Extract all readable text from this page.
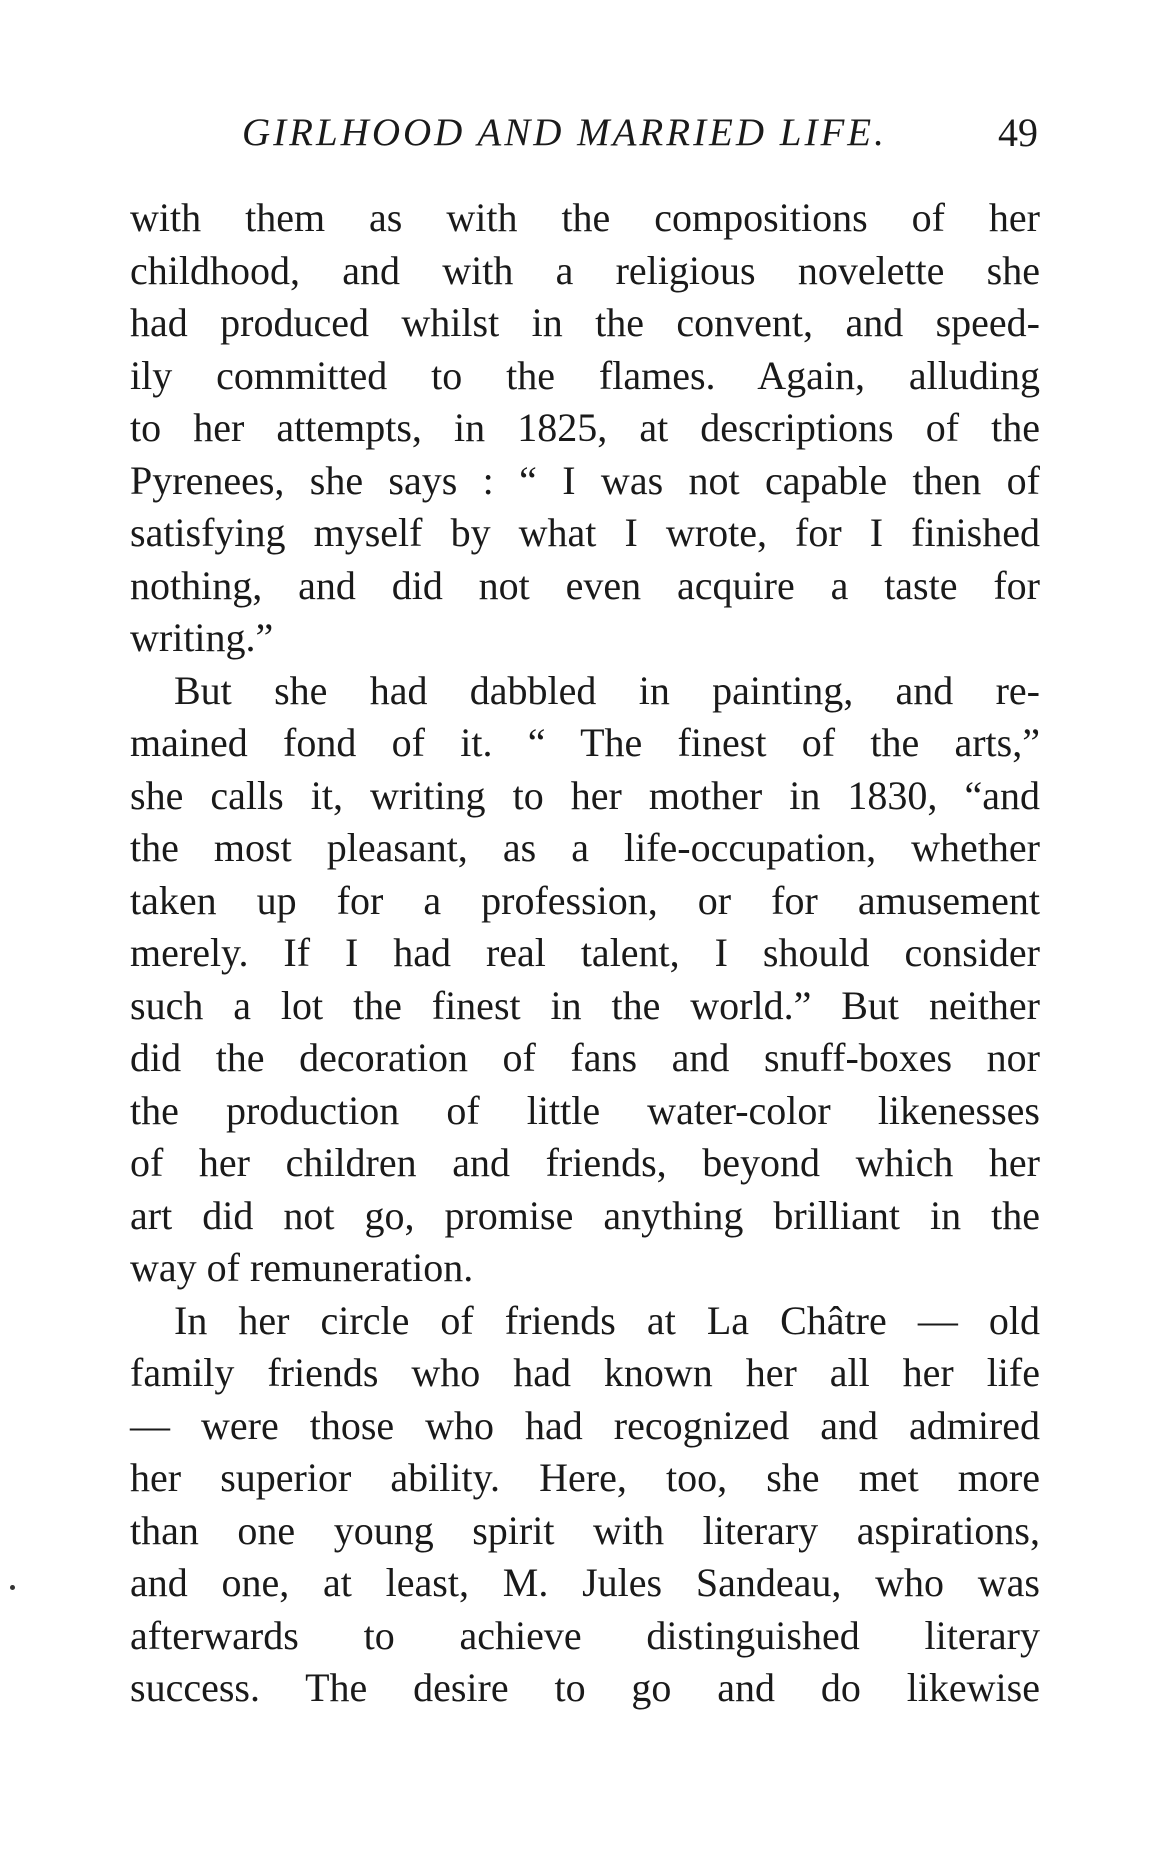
GIRLHOOD AND MARRIED LIFE.	49
with them as with the compositions of her
childhood, and with a religious novelette she
had produced whilst in the convent, and speed-
ily committed to the flames. Again, alluding
to her attempts, in 1825, at descriptions of the
Pyrenees, she says : “ I was not capable then of
satisfying myself by what I wrote, for I finished
nothing, and did not even acquire a taste for
writing.”
But she had dabbled in painting, and re-
mained fond of it. “ The finest of the arts,”
she calls it, writing to her mother in 1830, “and
the most pleasant, as a life-occupation, whether
taken up for a profession, or for amusement
merely. If I had real talent, I should consider
such a lot the finest in the world.” But neither
did the decoration of fans and snuff-boxes nor
the production of little water-color likenesses
of her children and friends, beyond which her
art did not go, promise anything brilliant in the
way of remuneration.
In her circle of friends at La Châtre — old
family friends who had known her all her life
— were those who had recognized and admired
her superior ability. Here, too, she met more
than one young spirit with literary aspirations,
and one, at least, M. Jules Sandeau, who was
afterwards to achieve distinguished literary
success. The desire to go and do likewise
